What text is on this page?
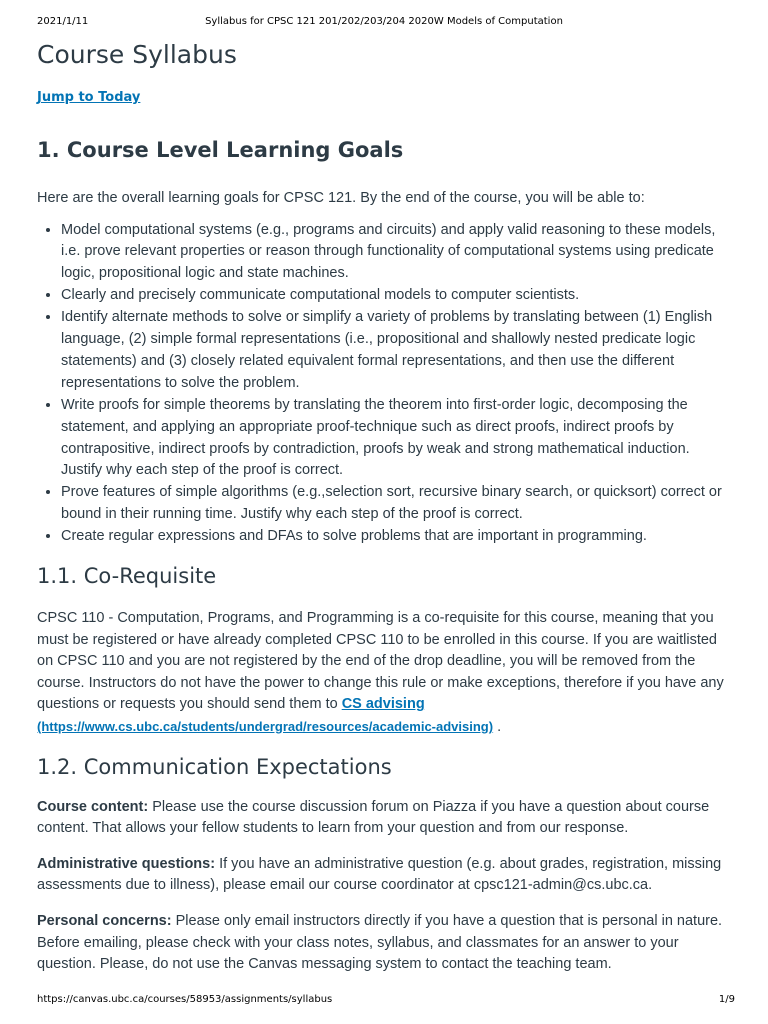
2021/1/11	Syllabus for CPSC 121 201/202/203/204 2020W Models of Computation
Course Syllabus
Jump to Today
1. Course Level Learning Goals

Here are the overall learning goals for CPSC 121. By the end of the course, you will be able to:

• Model computational systems (e.g., programs and circuits) and apply valid reasoning to these models, i.e. prove relevant properties or reason through functionality of computational systems using predicate logic, propositional logic and state machines.
• Clearly and precisely communicate computational models to computer scientists.
• Identify alternate methods to solve or simplify a variety of problems by translating between (1) English language, (2) simple formal representations (i.e., propositional and shallowly nested predicate logic statements) and (3) closely related equivalent formal representations, and then use the different representations to solve the problem.
• Write proofs for simple theorems by translating the theorem into first-order logic, decomposing the statement, and applying an appropriate proof-technique such as direct proofs, indirect proofs by contrapositive, indirect proofs by contradiction, proofs by weak and strong mathematical induction. Justify why each step of the proof is correct.
• Prove features of simple algorithms (e.g.,selection sort, recursive binary search, or quicksort) correct or bound in their running time. Justify why each step of the proof is correct.
• Create regular expressions and DFAs to solve problems that are important in programming.
1.1. Co-Requisite

CPSC 110 - Computation, Programs, and Programming is a co-requisite for this course, meaning that you must be registered or have already completed CPSC 110 to be enrolled in this course. If you are waitlisted on CPSC 110 and you are not registered by the end of the drop deadline, you will be removed from the course. Instructors do not have the power to change this rule or make exceptions, therefore if you have any questions or requests you should send them to CS advising
(https://www.cs.ubc.ca/students/undergrad/resources/academic-advising) .

1.2. Communication Expectations

Course content: Please use the course discussion forum on Piazza if you have a question about course content. That allows your fellow students to learn from your question and from our response.

Administrative questions: If you have an administrative question (e.g. about grades, registration, missing assessments due to illness), please email our course coordinator at cpsc121-admin@cs.ubc.ca.

Personal concerns: Please only email instructors directly if you have a question that is personal in nature. Before emailing, please check with your class notes, syllabus, and classmates for an answer to your question. Please, do not use the Canvas messaging system to contact the teaching team.

https://canvas.ubc.ca/courses/58953/assignments/syllabus	1/9
